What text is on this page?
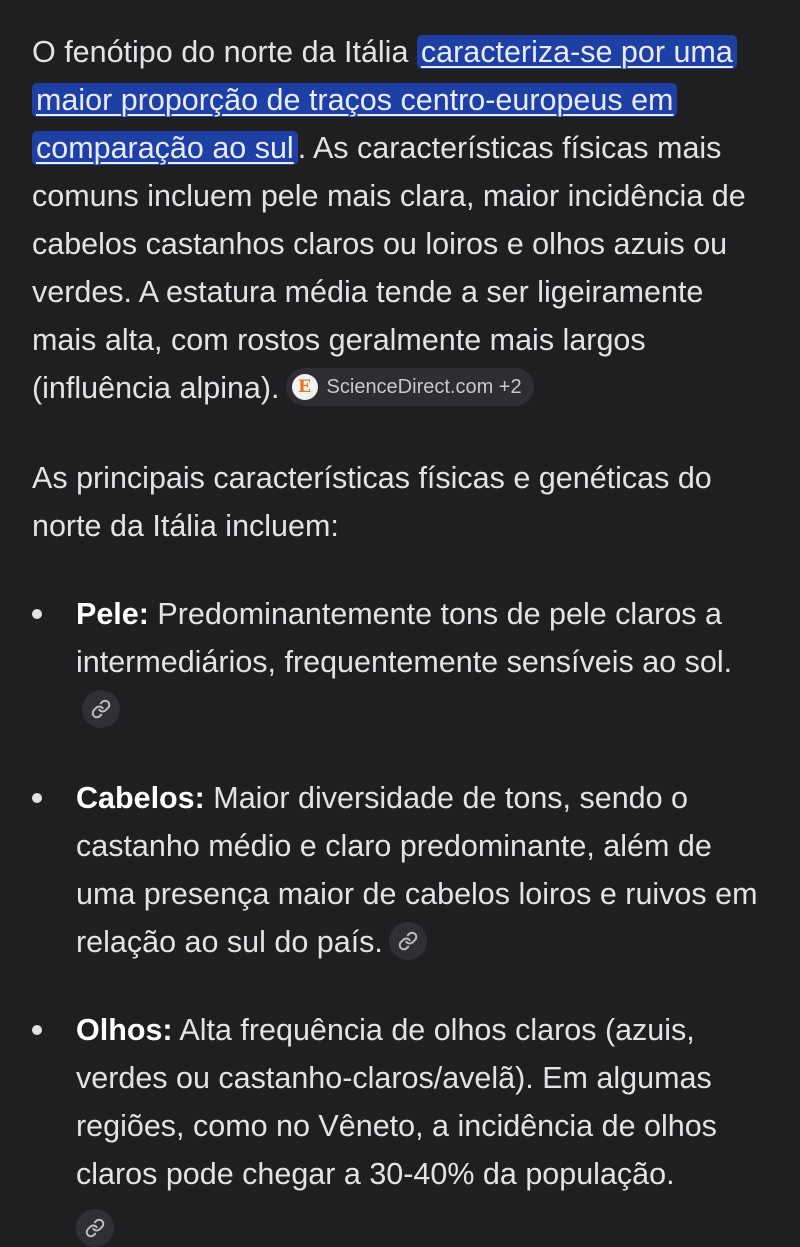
O fenótipo do norte da Itália caracteriza-se por uma maior proporção de traços centro-europeus em comparação ao sul . As características físicas mais comuns incluem pele mais clara, maior incidência de cabelos castanhos claros ou loiros e olhos azuis ou verdes. A estatura média tende a ser ligeiramente mais alta, com rostos geralmente mais largos (influência alpina).	E ScienceDirect.com +2

As principais características físicas e genéticas do norte da Itália incluem:

Pele: Predominantemente tons de pele claros a intermediários, frequentemente sensíveis ao sol.
Cabelos: Maior diversidade de tons, sendo o castanho médio e claro predominante, além de uma presença maior de cabelos loiros e ruivos em relação ao sul do país.
Olhos: Alta frequência de olhos claros (azuis, verdes ou castanho-claros/avelã). Em algumas regiões, como no Vêneto, a incidência de olhos claros pode chegar a 30-40% da população.
